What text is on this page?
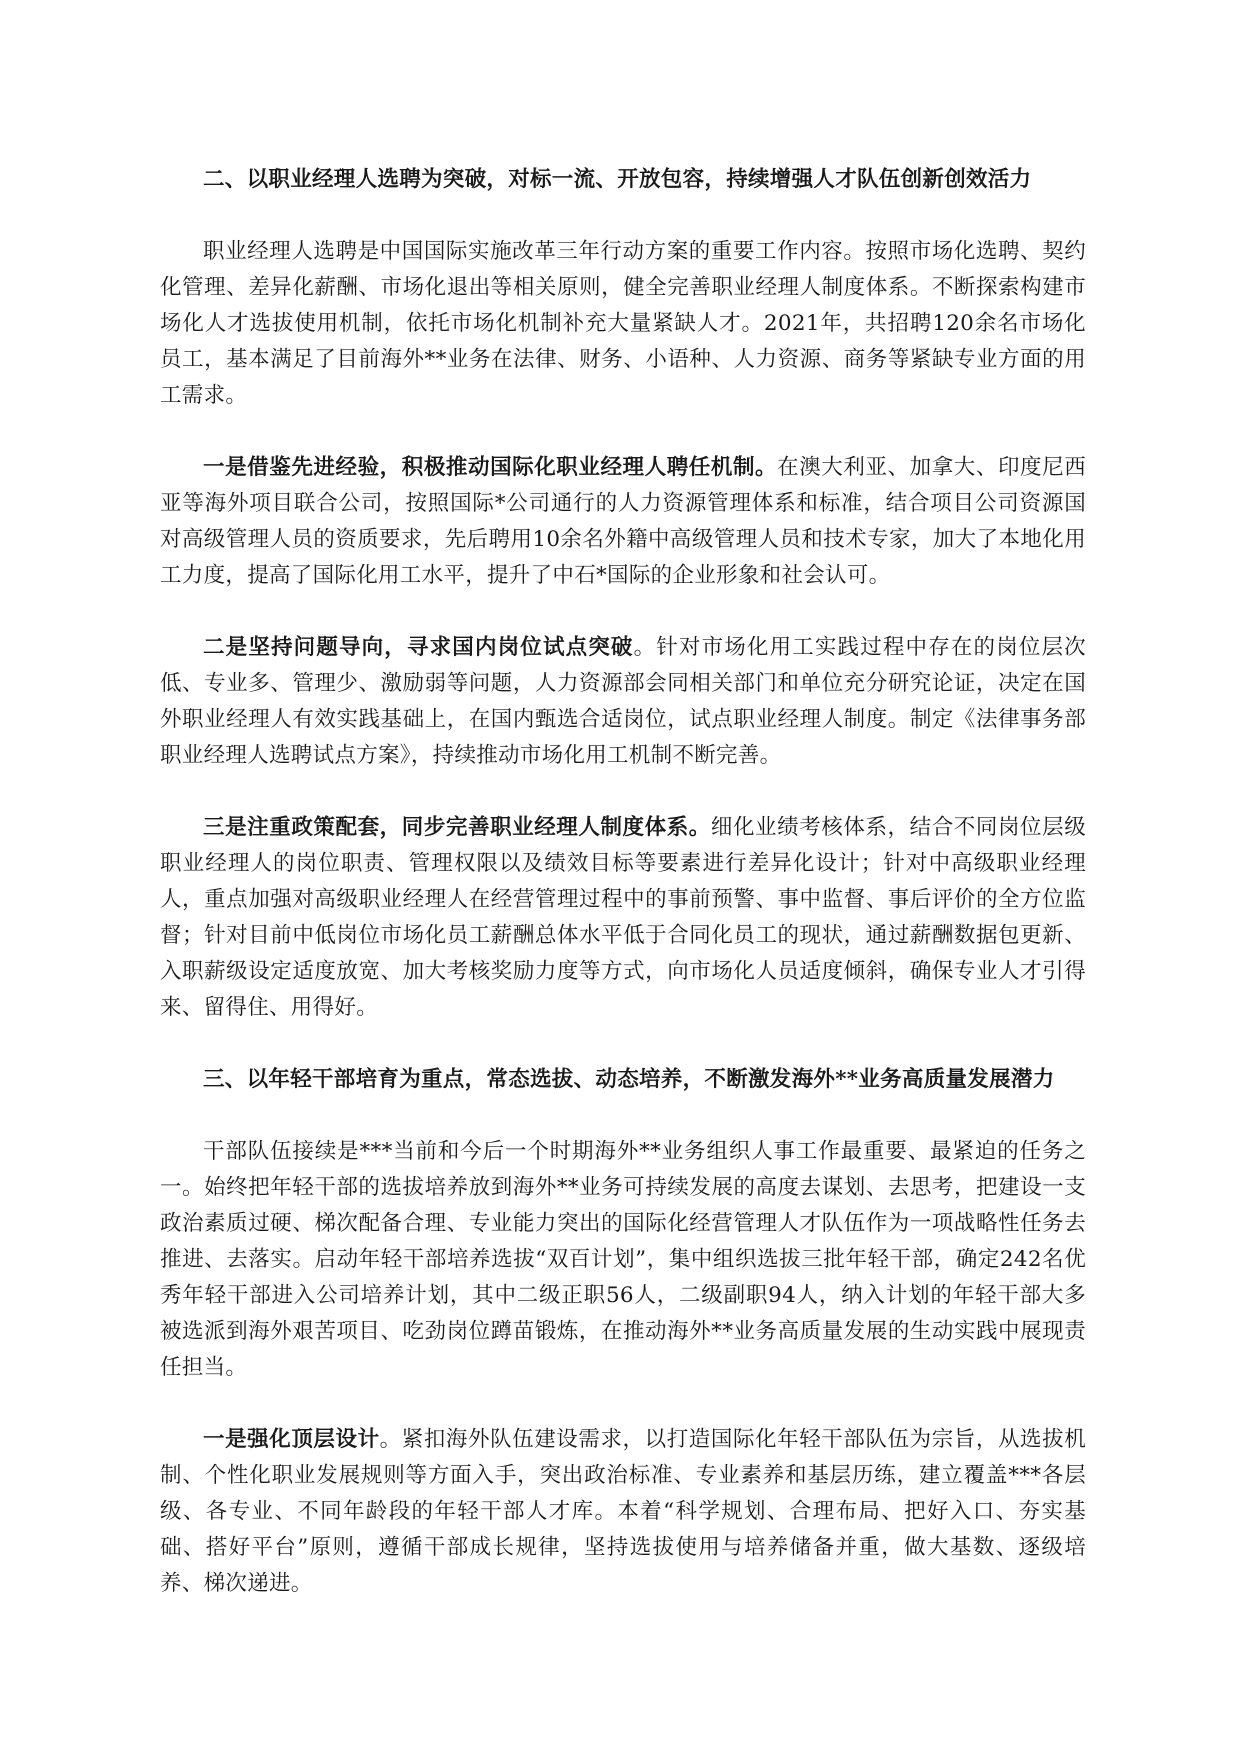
二、以职业经理人选聘为突破，对标一流、开放包容，持续增强人才队伍创新创效活力

职业经理人选聘是中国国际实施改革三年行动方案的重要工作内容。按照市场化选聘、契约化管理、差异化薪酬、市场化退出等相关原则，健全完善职业经理人制度体系。不断探索构建市场化人才选拔使用机制，依托市场化机制补充大量紧缺人才。2021年，共招聘120余名市场化员工，基本满足了目前海外**业务在法律、财务、小语种、人力资源、商务等紧缺专业方面的用工需求。

一是借鉴先进经验，积极推动国际化职业经理人聘任机制。在澳大利亚、加拿大、印度尼西亚等海外项目联合公司，按照国际*公司通行的人力资源管理体系和标准，结合项目公司资源国对高级管理人员的资质要求，先后聘用10余名外籍中高级管理人员和技术专家，加大了本地化用工力度，提高了国际化用工水平，提升了中石*国际的企业形象和社会认可。

二是坚持问题导向，寻求国内岗位试点突破。针对市场化用工实践过程中存在的岗位层次低、专业多、管理少、激励弱等问题，人力资源部会同相关部门和单位充分研究论证，决定在国外职业经理人有效实践基础上，在国内甄选合适岗位，试点职业经理人制度。制定《法律事务部职业经理人选聘试点方案》，持续推动市场化用工机制不断完善。

三是注重政策配套，同步完善职业经理人制度体系。细化业绩考核体系，结合不同岗位层级职业经理人的岗位职责、管理权限以及绩效目标等要素进行差异化设计；针对中高级职业经理人，重点加强对高级职业经理人在经营管理过程中的事前预警、事中监督、事后评价的全方位监督；针对目前中低岗位市场化员工薪酬总体水平低于合同化员工的现状，通过薪酬数据包更新、入职薪级设定适度放宽、加大考核奖励力度等方式，向市场化人员适度倾斜，确保专业人才引得来、留得住、用得好。

三、以年轻干部培育为重点，常态选拔、动态培养，不断激发海外**业务高质量发展潜力

干部队伍接续是***当前和今后一个时期海外**业务组织人事工作最重要、最紧迫的任务之一。始终把年轻干部的选拔培养放到海外**业务可持续发展的高度去谋划、去思考，把建设一支政治素质过硬、梯次配备合理、专业能力突出的国际化经营管理人才队伍作为一项战略性任务去推进、去落实。启动年轻干部培养选拔“双百计划”，集中组织选拔三批年轻干部，确定242名优秀年轻干部进入公司培养计划，其中二级正职56人，二级副职94人，纳入计划的年轻干部大多被选派到海外艰苦项目、吃劲岗位蹲苗锻炼，在推动海外**业务高质量发展的生动实践中展现责任担当。

一是强化顶层设计。紧扣海外队伍建设需求，以打造国际化年轻干部队伍为宗旨，从选拔机制、个性化职业发展规则等方面入手，突出政治标准、专业素养和基层历练，建立覆盖***各层级、各专业、不同年龄段的年轻干部人才库。本着“科学规划、合理布局、把好入口、夯实基础、搭好平台”原则，遵循干部成长规律，坚持选拔使用与培养储备并重，做大基数、逐级培养、梯次递进。
